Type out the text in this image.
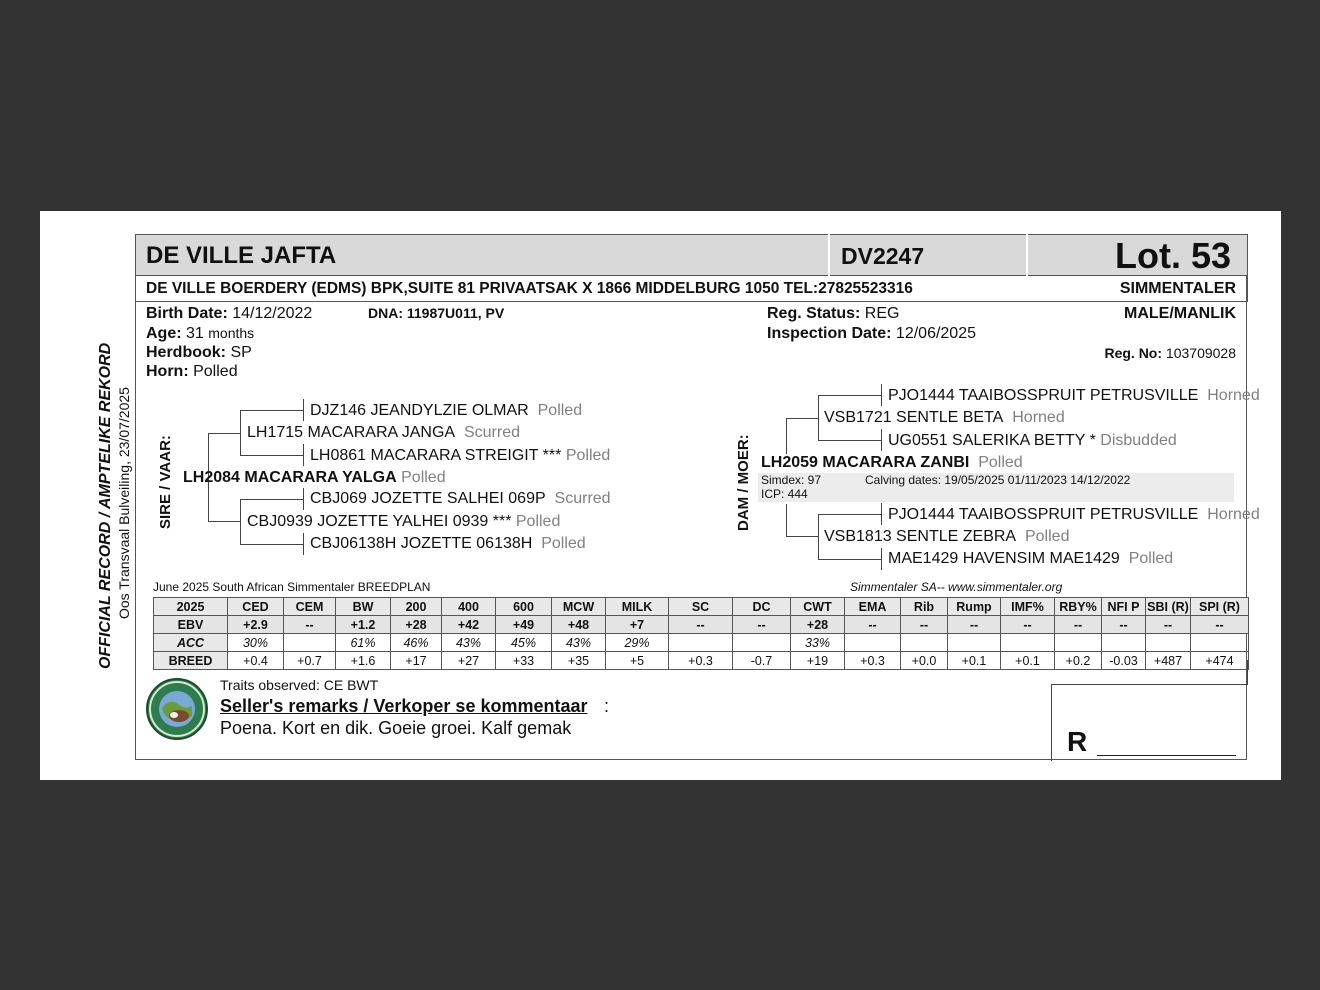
DE VILLE JAFTA	DV2247	Lot. 53
DE VILLE BOERDERY (EDMS) BPK,SUITE 81 PRIVAATSAK X 1866 MIDDELBURG 1050 TEL:27825523316	SIMMENTALER
Birth Date: 14/12/2022
Age: 31 months
Herdbook: SP
Horn: Polled
DNA: 11987U011, PV	Reg. Status: REG
Inspection Date: 12/06/2025
MALE/MANLIK
Reg. No: 103709028
OFFICIAL RECORD / AMPTELIKE REKORD Oos Transvaal Bulveiling, 23/07/2025 SIRE / VAAR:
DJZ146 JEANDYLZIE OLMAR Polled
LH1715 MACARARA JANGA Scurred
LH0861 MACARARA STREIGIT *** Polled
LH2084 MACARARA YALGA Polled
CBJ069 JOZETTE SALHEI 069P Scurred
CBJ0939 JOZETTE YALHEI 0939 *** Polled
CBJ06138H JOZETTE 06138H Polled
DAM / MOER:
PJO1444 TAAIBOSSPRUIT PETRUSVILLE Horned
VSB1721 SENTLE BETA Horned
UG0551 SALERIKA BETTY * Disbudded
LH2059 MACARARA ZANBI Polled
Simdex: 97	Calving dates: 19/05/2025 01/11/2023 14/12/2022
ICP: 444
PJO1444 TAAIBOSSPRUIT PETRUSVILLE Horned
VSB1813 SENTLE ZEBRA Polled
MAE1429 HAVENSIM MAE1429 Polled
June 2025 South African Simmentaler BREEDPLAN	Simmentaler SA-- www.simmentaler.org
2025	CED	CEM	BW	200	400	600	MCW	MILK	SC	DC	CWT	EMA	Rib	Rump	IMF%	RBY%	NFI P	SBI (R)	SPI (R)
EBV	+2.9	--	+1.2	+28	+42	+49	+48	+7	--	--	+28	--	--	--	--	--	--	--	--
ACC	30%		61%	46%	43%	45%	43%	29%			33%								
BREED	+0.4	+0.7	+1.6	+17	+27	+33	+35	+5	+0.3	-0.7	+19	+0.3	+0.0	+0.1	+0.1	+0.2	-0.03	+487	+474
Traits observed: CE BWT
Seller's remarks / Verkoper se kommentaar :
Poena. Kort en dik. Goeie groei. Kalf gemak	R
